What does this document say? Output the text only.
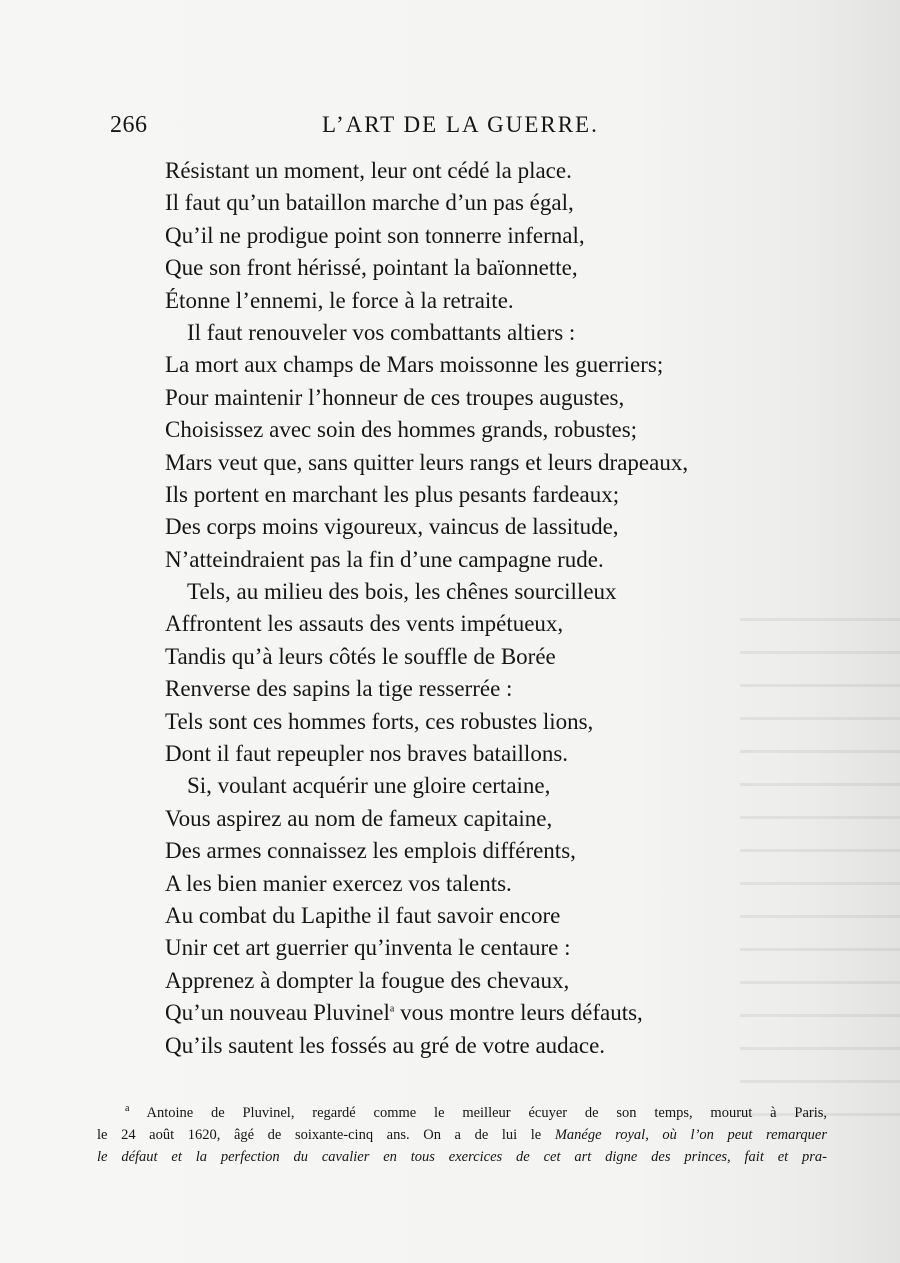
266	L’ART DE LA GUERRE.
Résistant un moment, leur ont cédé la place.
Il faut qu’un bataillon marche d’un pas égal,
Qu’il ne prodigue point son tonnerre infernal,
Que son front hérissé, pointant la baïonnette,
Étonne l’ennemi, le force à la retraite.
Il faut renouveler vos combattants altiers :
La mort aux champs de Mars moissonne les guerriers;
Pour maintenir l’honneur de ces troupes augustes,
Choisissez avec soin des hommes grands, robustes;
Mars veut que, sans quitter leurs rangs et leurs drapeaux,
Ils portent en marchant les plus pesants fardeaux;
Des corps moins vigoureux, vaincus de lassitude,
N’atteindraient pas la fin d’une campagne rude.
Tels, au milieu des bois, les chênes sourcilleux
Affrontent les assauts des vents impétueux,
Tandis qu’à leurs côtés le souffle de Borée
Renverse des sapins la tige resserrée :
Tels sont ces hommes forts, ces robustes lions,
Dont il faut repeupler nos braves bataillons.
Si, voulant acquérir une gloire certaine,
Vous aspirez au nom de fameux capitaine,
Des armes connaissez les emplois différents,
A les bien manier exercez vos talents.
Au combat du Lapithe il faut savoir encore
Unir cet art guerrier qu’inventa le centaure :
Apprenez à dompter la fougue des chevaux,
Qu’un nouveau Pluvinel$^a$ vous montre leurs défauts,
Qu’ils sautent les fossés au gré de votre audace.
$^a$ Antoine de Pluvinel, regardé comme le meilleur écuyer de son temps, mourut à Paris,
le 24 août 1620, âgé de soixante-cinq ans. On a de lui le Manége royal, où l’on peut remarquer
le défaut et la perfection du cavalier en tous exercices de cet art digne des princes, fait et pra-
